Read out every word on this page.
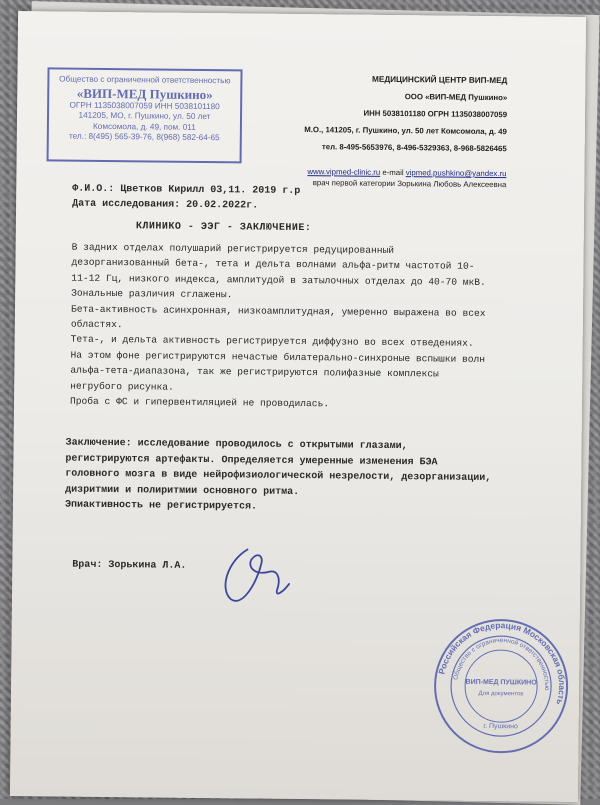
Общество с ограниченной ответственностью
«ВИП-МЕД Пушкино»
ОГРН 1135038007059 ИНН 5038101180
141205, МО, г. Пушкино, ул. 50 лет
Комсомола, д. 49, пом. 011
тел.: 8(495) 565-39-76, 8(968) 582-64-65
МЕДИЦИНСКИЙ ЦЕНТР ВИП-МЕД
ООО «ВИП-МЕД Пушкино»
ИНН 5038101180 ОГРН 1135038007059
М.О., 141205, г. Пушкино, ул. 50 лет Комсомола, д. 49
тел. 8-495-5653976, 8-496-5329363, 8-968-5826465
www.vipmed-clinic.ru e-mail vipmed.pushkino@yandex.ru
врач первой категории Зорькина Любовь Алексеевна
Ф.И.О.: Цветков Кирилл 03,11. 2019 г.р
Дата исследования: 20.02.2022г.
КЛИНИКО - ЭЭГ - ЗАКЛЮЧЕНИЕ:

В задних отделах полушарий регистрируется редуцированный дезорганизованный бета-, тета и дельта волнами альфа-ритм частотой 10-11-12 Гц, низкого индекса, амплитудой в затылочных отделах до 40-70 мкВ.

Зональные различия сглажены.

Бета-активность асинхронная, низкоамплитудная, умеренно выражена во всех областях.

Тета-, и дельта активность регистрируется диффузно во всех отведениях.

На этом фоне регистрируются нечастые билатерально-синхроные вспышки волн альфа-тета-диапазона, так же регистрируются полифазные комплексы негрубого рисунка.

Проба с ФС и гипервентиляцией не проводилась.

Заключение: исследование проводилось с открытыми глазами, регистрируются артефакты. Определяется умеренные изменения БЭА головного мозга в виде нейрофизиологической незрелости, дезорганизации, дизритмии и полиритмии основного ритма.

Эпиактивность не регистрируется.

Врач: Зорькина Л.А.
Российская Федерация Московская область
Общество с ограниченной ответственностью
ВИП-МЕД ПУШКИНО
Для документов
г. Пушкино
